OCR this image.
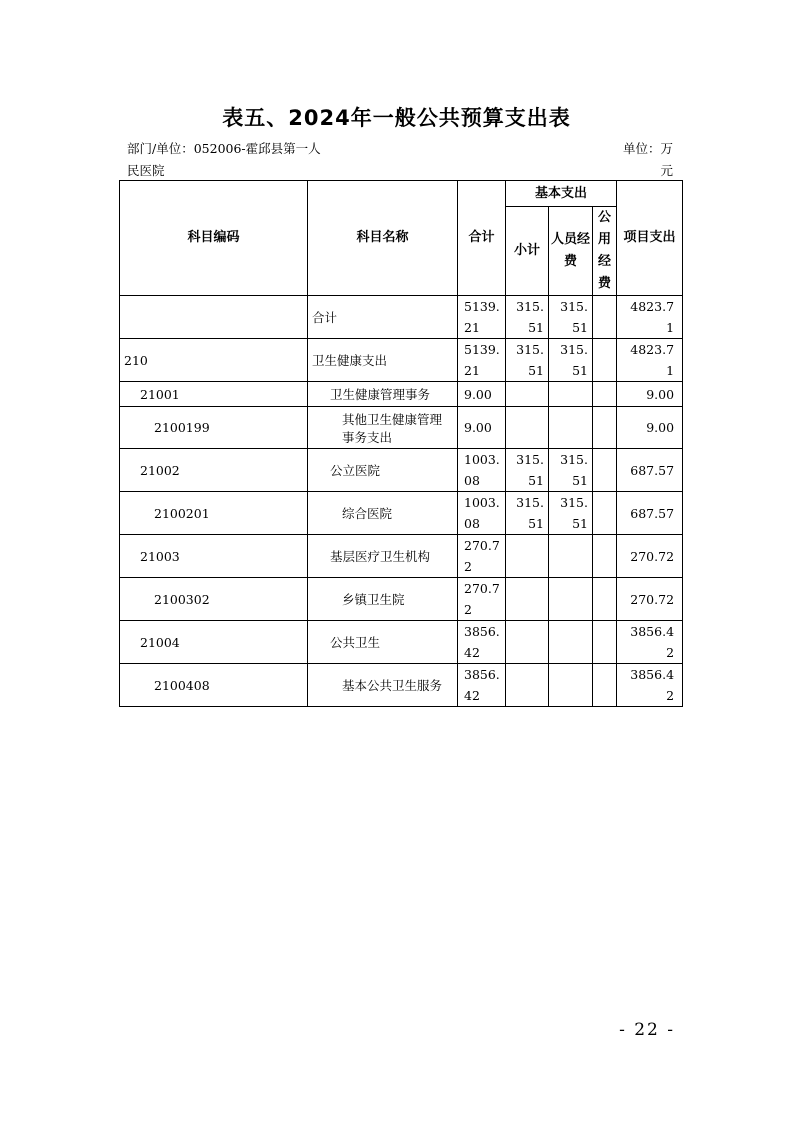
表五、2024年一般公共预算支出表
部门/单位：052006-霍邱县第一人民医院
单位：万元
科目编码	科目名称	合计	基本支出			项目支出
			小计	人员经费	公用经费	
	合计	5139.21	315.51	315.51		4823.71
210	卫生健康支出	5139.21	315.51	315.51		4823.71
21001	卫生健康管理事务	9.00				9.00
2100199	其他卫生健康管理事务支出	9.00				9.00
21002	公立医院	1003.08	315.51	315.51		687.57
2100201	综合医院	1003.08	315.51	315.51		687.57
21003	基层医疗卫生机构	270.72				270.72
2100302	乡镇卫生院	270.72				270.72
21004	公共卫生	3856.42				3856.42
2100408	基本公共卫生服务	3856.42				3856.42
- 22 -
